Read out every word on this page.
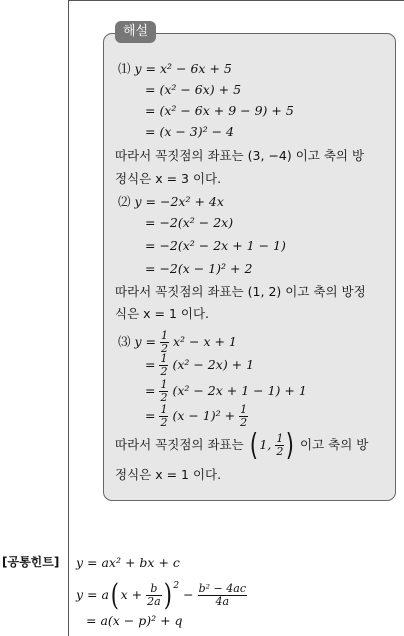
해설
⑴ y = x² − 6x + 5
= (x² − 6x) + 5
= (x² − 6x + 9 − 9) + 5
= (x − 3)² − 4
따라서 꼭짓점의 좌표는 (3, −4) 이고 축의 방
정식은 x = 3 이다.
⑵ y = −2x² + 4x
= −2(x² − 2x)
= −2(x² − 2x + 1 − 1)
= −2(x − 1)² + 2
따라서 꼭짓점의 좌표는 (1, 2) 이고 축의 방정
식은 x = 1 이다.
⑶ $y = \frac{1}{2} x^2 - x + 1$
= $\frac{1}{2} (x^2 - 2x) + 1$
= $\frac{1}{2} (x^2 - 2x + 1 - 1) + 1$
= $\frac{1}{2} (x - 1)^2 + \frac{1}{2}$
따라서 꼭짓점의 좌표는 ( 1, $\frac{1}{2}$ ) 이고 축의 방
정식은 x = 1 이다.
[공통힌트] y = ax² + bx + c
y = a( $x + \frac{b}{2a}$ ) $^2 - \frac{\text{b² − 4ac}}{4a}$
= a(x − p)² + q
